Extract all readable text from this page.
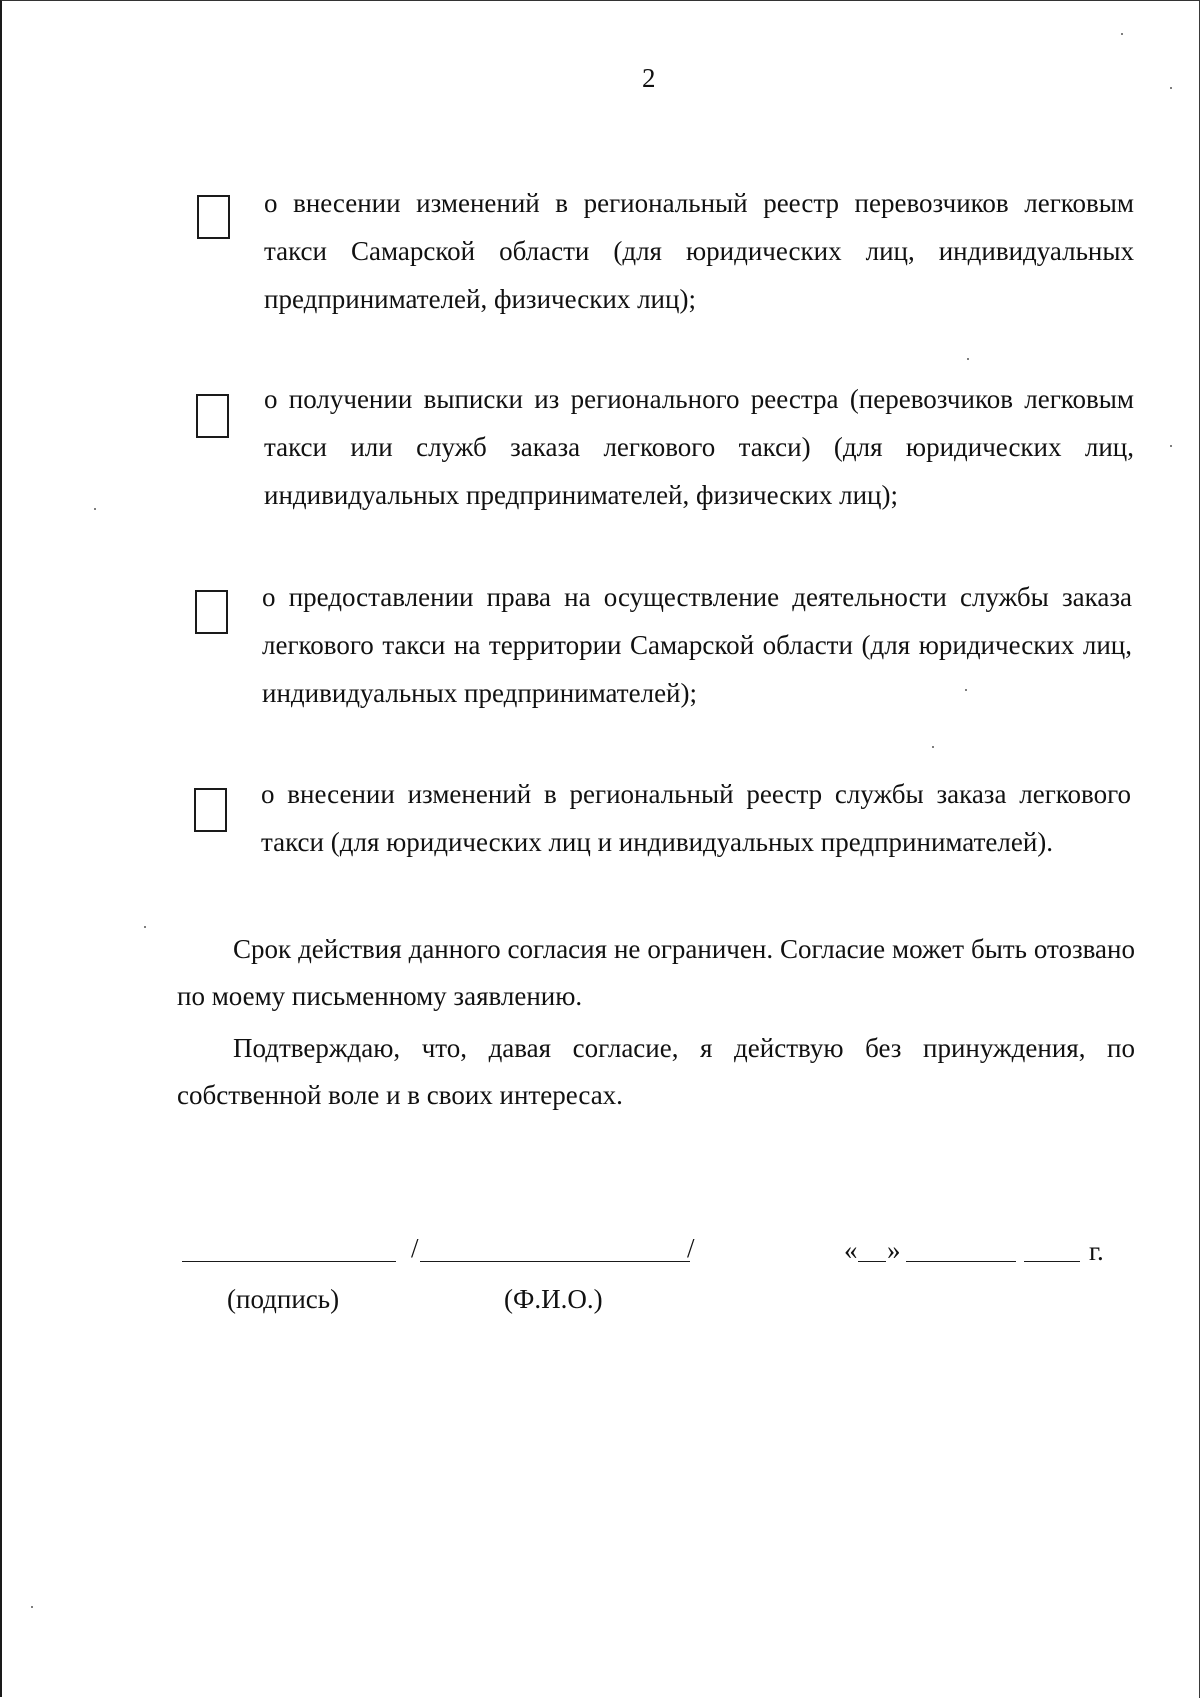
2
о внесении изменений в региональный реестр перевозчиков легковым такси Самарской области (для юридических лиц, индивидуальных предпринимателей, физических лиц);
о получении выписки из регионального реестра (перевозчиков легковым такси или служб заказа легкового такси) (для юридических лиц, индивидуальных предпринимателей, физических лиц);
о предоставлении права на осуществление деятельности службы заказа легкового такси на территории Самарской области (для юридических лиц, индивидуальных предпринимателей);
о внесении изменений в региональный реестр службы заказа легкового такси (для юридических лиц и индивидуальных предпринимателей).

Срок действия данного согласия не ограничен. Согласие может быть отозвано по моему письменному заявлению.

Подтверждаю, что, давая согласие, я действую без принуждения, по собственной воле и в своих интересах.

/	/	« »	г.
(подпись)	(Ф.И.О.)
